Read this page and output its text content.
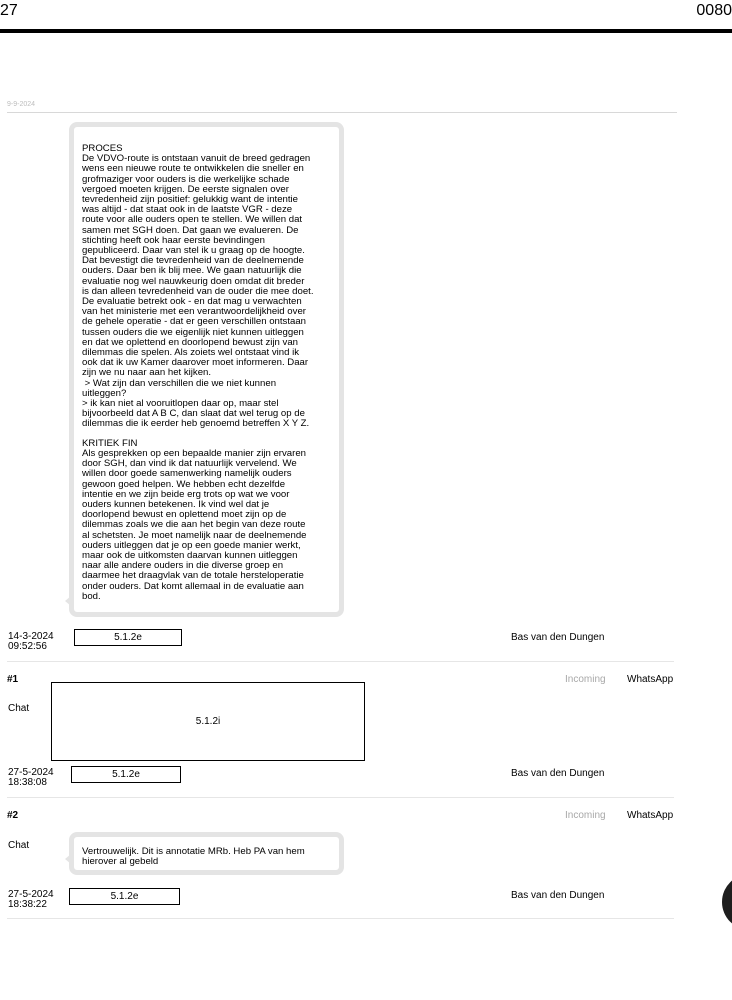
27	0080
9-9-2024
PROCES
De VDVO-route is ontstaan vanuit de breed gedragen
wens een nieuwe route te ontwikkelen die sneller en
grofmaziger voor ouders is die werkelijke schade
vergoed moeten krijgen. De eerste signalen over
tevredenheid zijn positief: gelukkig want de intentie
was altijd - dat staat ook in de laatste VGR - deze
route voor alle ouders open te stellen. We willen dat
samen met SGH doen. Dat gaan we evalueren. De
stichting heeft ook haar eerste bevindingen
gepubliceerd. Daar van stel ik u graag op de hoogte.
Dat bevestigt die tevredenheid van de deelnemende
ouders. Daar ben ik blij mee. We gaan natuurlijk die
evaluatie nog wel nauwkeurig doen omdat dit breder
is dan alleen tevredenheid van de ouder die mee doet.
De evaluatie betrekt ook - en dat mag u verwachten
van het ministerie met een verantwoordelijkheid over
de gehele operatie - dat er geen verschillen ontstaan
tussen ouders die we eigenlijk niet kunnen uitleggen
en dat we oplettend en doorlopend bewust zijn van
dilemmas die spelen. Als zoiets wel ontstaat vind ik
ook dat ik uw Kamer daarover moet informeren. Daar
zijn we nu naar aan het kijken.
> Wat zijn dan verschillen die we niet kunnen
uitleggen?
> ik kan niet al vooruitlopen daar op, maar stel
bijvoorbeeld dat A B C, dan slaat dat wel terug op de
dilemmas die ik eerder heb genoemd betreffen X Y Z.
KRITIEK FIN
Als gesprekken op een bepaalde manier zijn ervaren
door SGH, dan vind ik dat natuurlijk vervelend. We
willen door goede samenwerking namelijk ouders
gewoon goed helpen. We hebben echt dezelfde
intentie en we zijn beide erg trots op wat we voor
ouders kunnen betekenen. Ik vind wel dat je
doorlopend bewust en oplettend moet zijn op de
dilemmas zoals we die aan het begin van deze route
al schetsten. Je moet namelijk naar de deelnemende
ouders uitleggen dat je op een goede manier werkt,
maar ook de uitkomsten daarvan kunnen uitleggen
naar alle andere ouders in die diverse groep en
daarmee het draagvlak van de totale hersteloperatie
onder ouders. Dat komt allemaal in de evaluatie aan
bod.
14-3-2024
09:52:56
5.1.2e	Bas van den Dungen
#1	Incoming WhatsApp
Chat
5.1.2i
27-5-2024
18:38:08
5.1.2e	Bas van den Dungen
#2	Incoming WhatsApp
Chat
Vertrouwelijk. Dit is annotatie MRb. Heb PA van hem
hierover al gebeld
27-5-2024
18:38:22
5.1.2e	Bas van den Dungen
